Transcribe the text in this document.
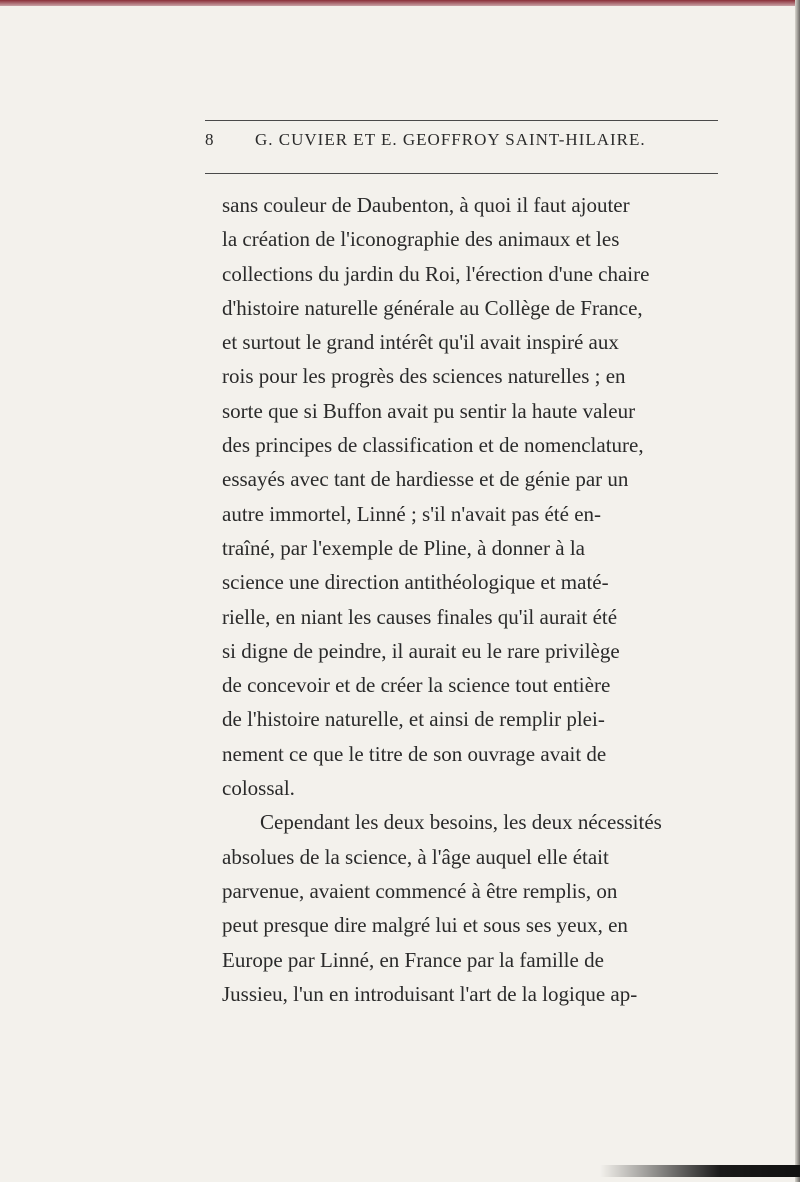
8 G. CUVIER ET E. GEOFFROY SAINT-HILAIRE.
sans couleur de Daubenton, à quoi il faut ajouter
la création de l'iconographie des animaux et les
collections du jardin du Roi, l'érection d'une chaire
d'histoire naturelle générale au Collège de France,
et surtout le grand intérêt qu'il avait inspiré aux
rois pour les progrès des sciences naturelles ; en
sorte que si Buffon avait pu sentir la haute valeur
des principes de classification et de nomenclature,
essayés avec tant de hardiesse et de génie par un
autre immortel, Linné ; s'il n'avait pas été en-
traîné, par l'exemple de Pline, à donner à la
science une direction antithéologique et maté-
rielle, en niant les causes finales qu'il aurait été
si digne de peindre, il aurait eu le rare privilège
de concevoir et de créer la science tout entière
de l'histoire naturelle, et ainsi de remplir plei-
nement ce que le titre de son ouvrage avait de
colossal.
Cependant les deux besoins, les deux nécessités
absolues de la science, à l'âge auquel elle était
parvenue, avaient commencé à être remplis, on
peut presque dire malgré lui et sous ses yeux, en
Europe par Linné, en France par la famille de
Jussieu, l'un en introduisant l'art de la logique ap-
